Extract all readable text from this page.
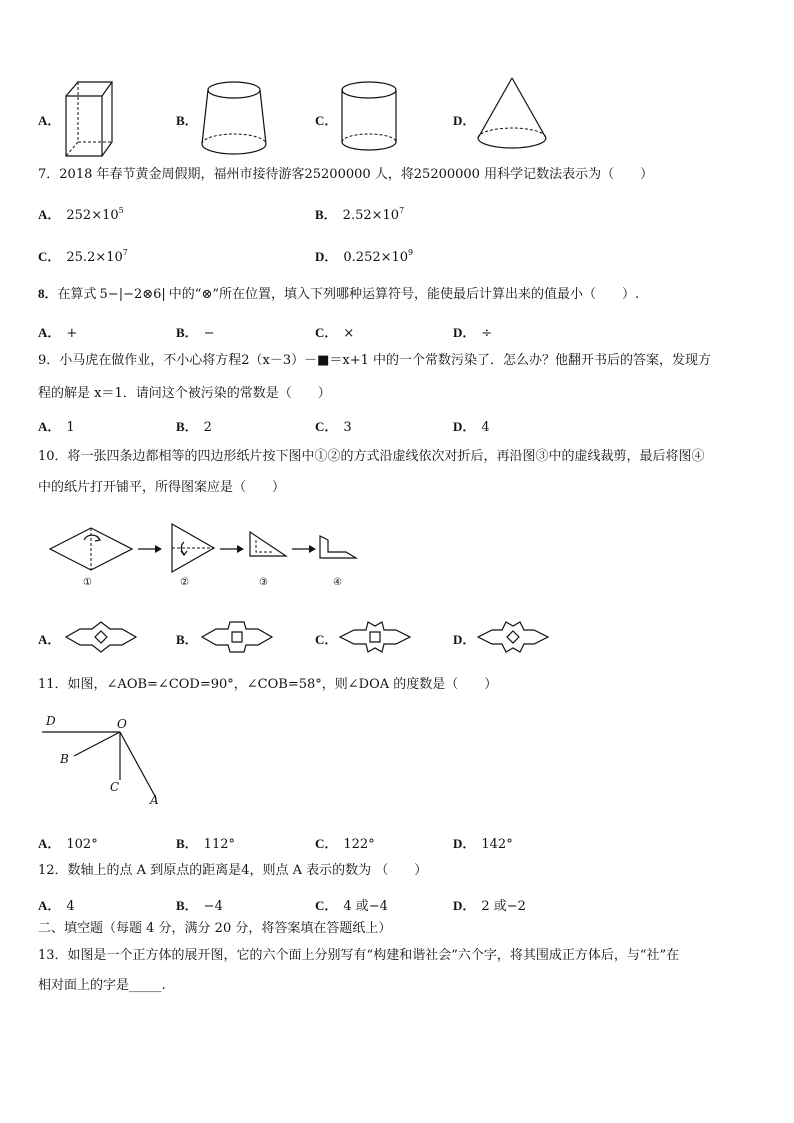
A．	B．	C．	D．
7．2018 年春节黄金周假期，福州市接待游客25200000 人，将25200000 用科学记数法表示为（　　）
A． $252\times 10^5$	B． $2.52\times 10^7$
C． $25.2\times 10^7$	D． $0.252\times 10^9$
8．在算式 5−|−2⊗6| 中的“⊗”所在位置，填入下列哪种运算符号，能使最后计算出来的值最小（　　）.
A． +	B． −	C． ×	D． ÷
9．小马虎在做作业，不小心将方程2（x－3）－■＝x+1 中的一个常数污染了．怎么办？他翻开书后的答案，发现方
程的解是 x＝1．请问这个被污染的常数是（　　）
A． 1	B． 2	C． 3	D． 4
10．将一张四条边都相等的四边形纸片按下图中①②的方式沿虚线依次对折后，再沿图③中的虚线裁剪，最后将图④
中的纸片打开铺平，所得图案应是（　　）
①	②	③	④
A．	B．	C．	D．
11．如图，∠AOB=∠COD=90°，∠COB=58°，则∠DOA 的度数是（　　）
D	O
B
C
A
A． 102°	B． 112°	C． 122°	D． 142°
12．数轴上的点 A 到原点的距离是4，则点 A 表示的数为 （　　）
A． 4	B． −4	C． 4 或−4	D． 2 或−2
二、填空题（每题 4 分，满分 20 分，将答案填在答题纸上）
13．如图是一个正方体的展开图，它的六个面上分别写有“构建和谐社会”六个字，将其围成正方体后，与“社”在
相对面上的字是_____.
